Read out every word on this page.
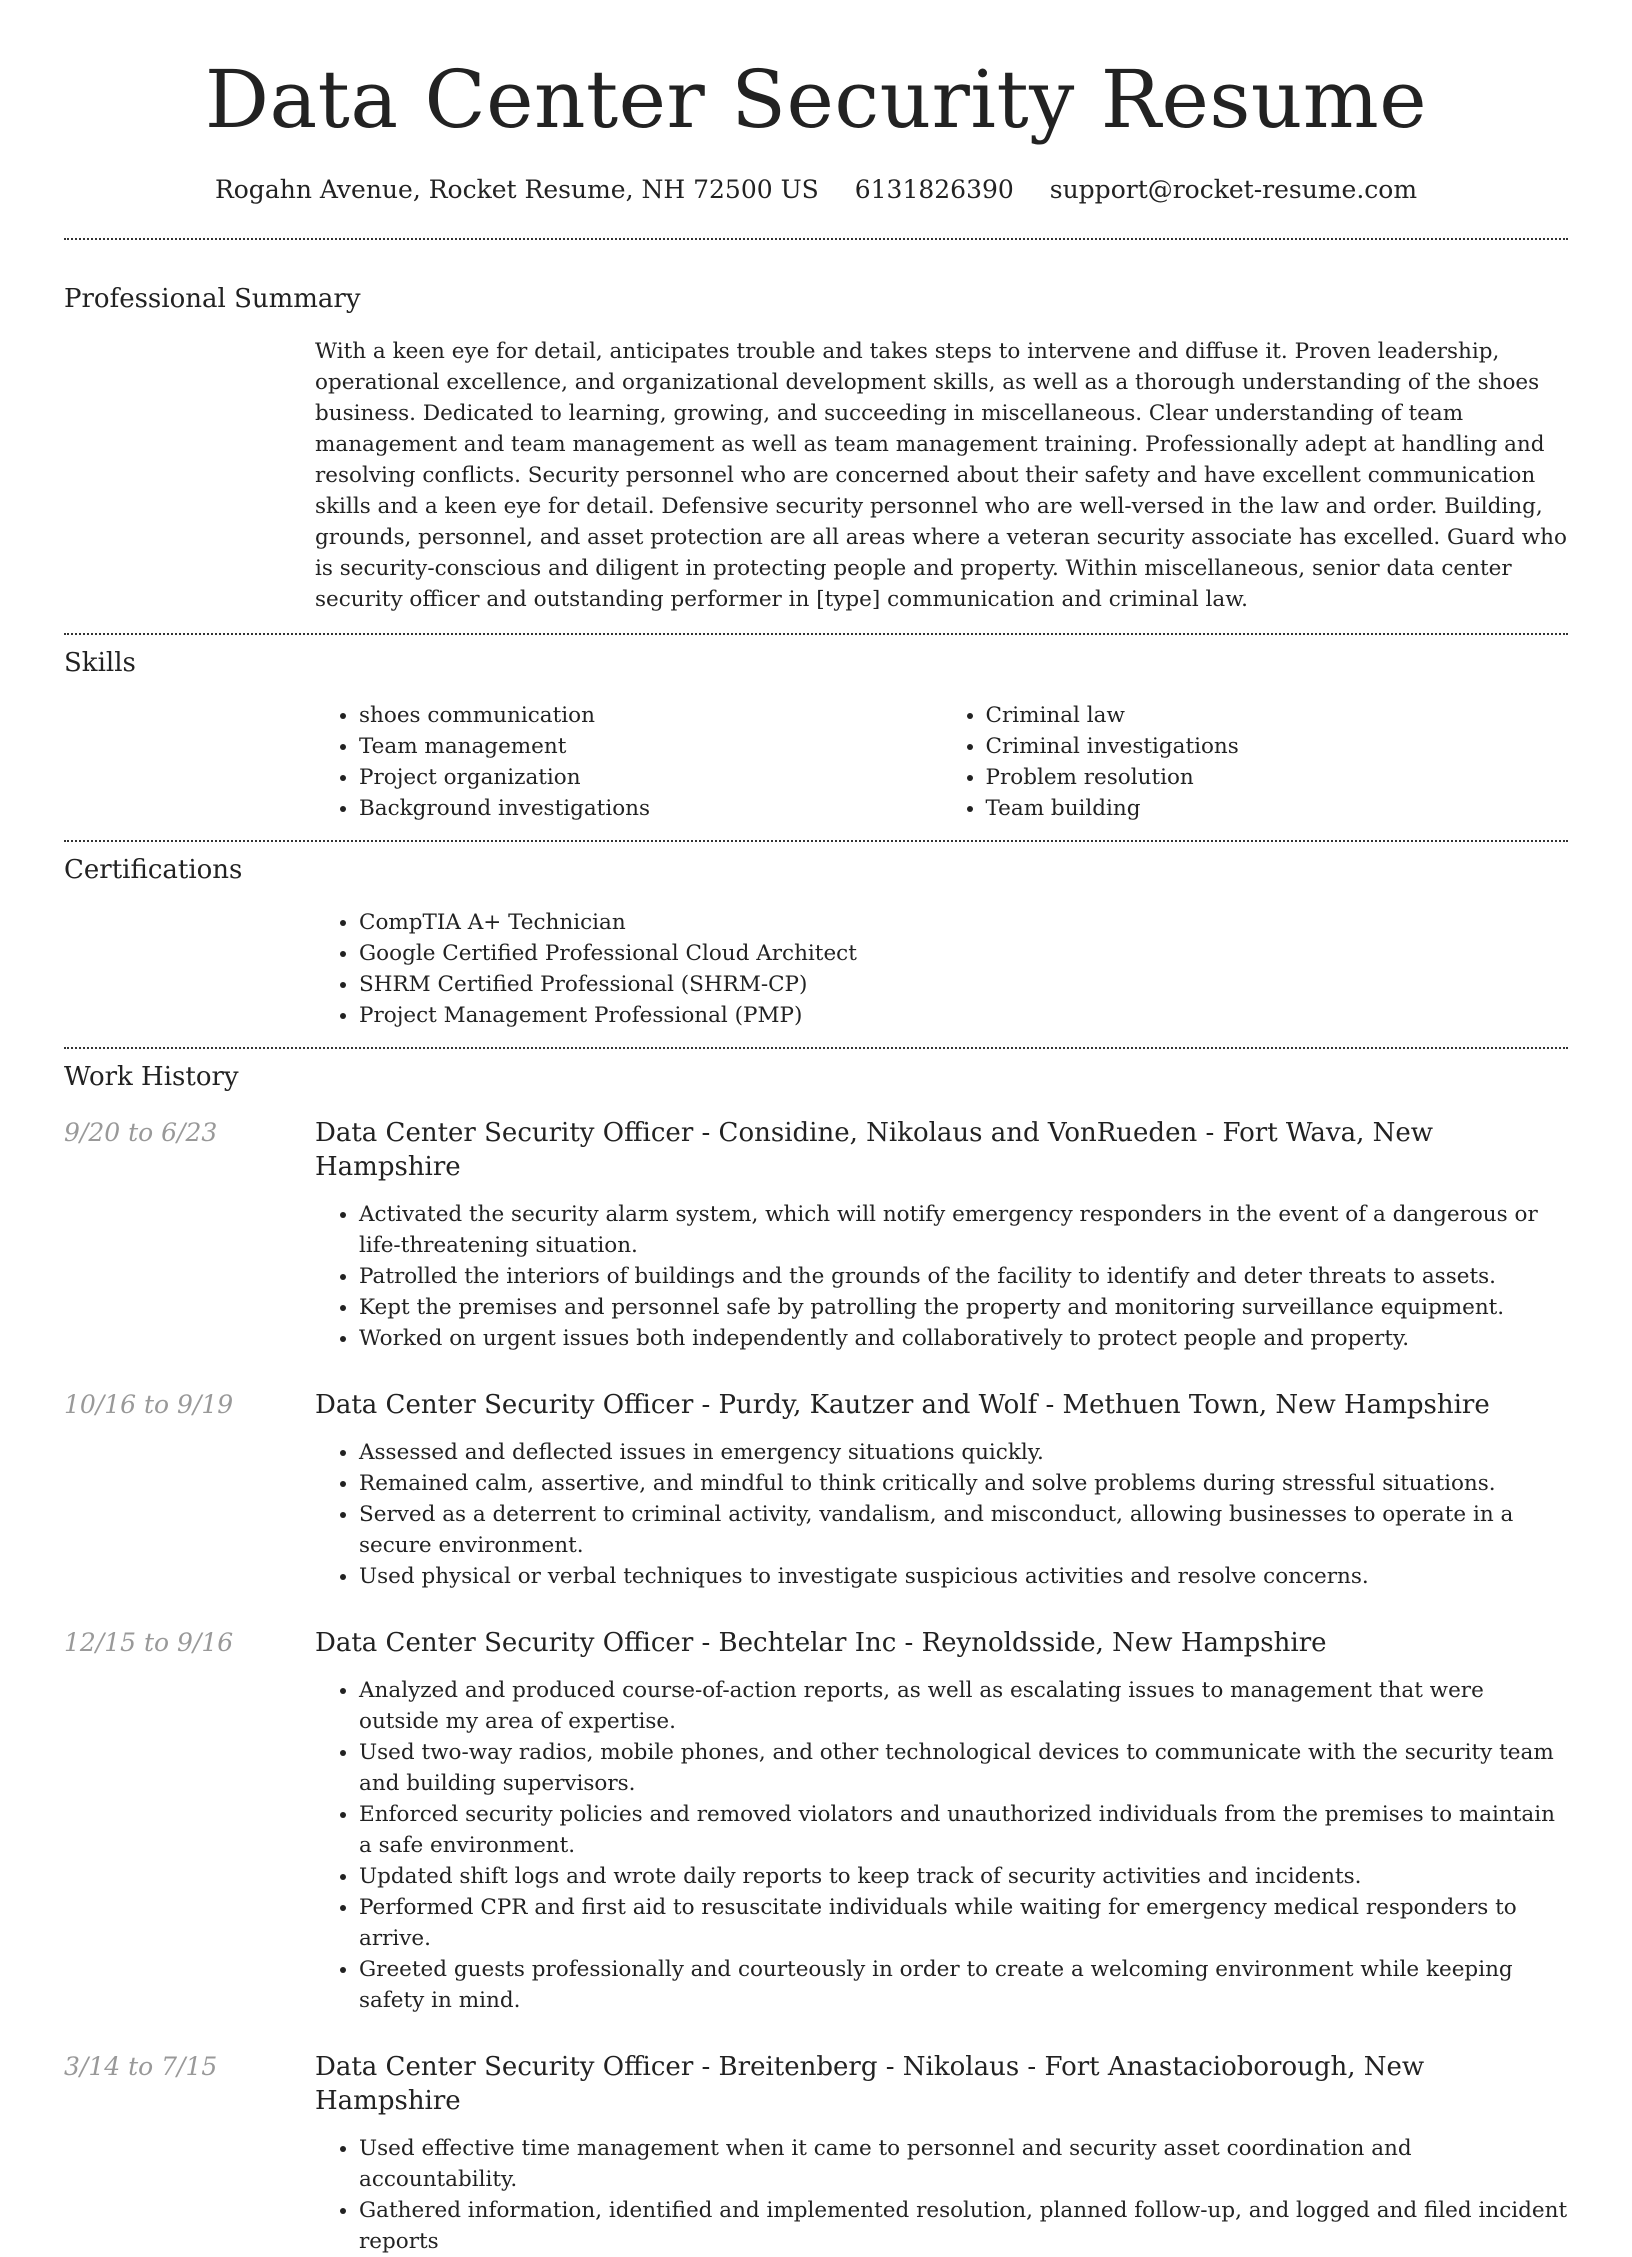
Data Center Security Resume
Rogahn Avenue, Rocket Resume, NH 72500 US 6131826390 support@rocket-resume.com
Professional Summary
With a keen eye for detail, anticipates trouble and takes steps to intervene and diffuse it. Proven leadership, operational excellence, and organizational development skills, as well as a thorough understanding of the shoes business. Dedicated to learning, growing, and succeeding in miscellaneous. Clear understanding of team management and team management as well as team management training. Professionally adept at handling and resolving conflicts. Security personnel who are concerned about their safety and have excellent communication skills and a keen eye for detail. Defensive security personnel who are well-versed in the law and order. Building, grounds, personnel, and asset protection are all areas where a veteran security associate has excelled. Guard who is security-conscious and diligent in protecting people and property. Within miscellaneous, senior data center security officer and outstanding performer in [type] communication and criminal law.
Skills
• shoes communication
• Team management
• Project organization
• Background investigations
• Criminal law
• Criminal investigations
• Problem resolution
• Team building
Certifications
• CompTIA A+ Technician
• Google Certified Professional Cloud Architect
• SHRM Certified Professional (SHRM-CP)
• Project Management Professional (PMP)
Work History
9/20 to 6/23	Data Center Security Officer - Considine, Nikolaus and VonRueden - Fort Wava, New Hampshire
• Activated the security alarm system, which will notify emergency responders in the event of a dangerous or life-threatening situation.
• Patrolled the interiors of buildings and the grounds of the facility to identify and deter threats to assets.
• Kept the premises and personnel safe by patrolling the property and monitoring surveillance equipment.
• Worked on urgent issues both independently and collaboratively to protect people and property.
10/16 to 9/19	Data Center Security Officer - Purdy, Kautzer and Wolf - Methuen Town, New Hampshire
• Assessed and deflected issues in emergency situations quickly.
• Remained calm, assertive, and mindful to think critically and solve problems during stressful situations.
• Served as a deterrent to criminal activity, vandalism, and misconduct, allowing businesses to operate in a secure environment.
• Used physical or verbal techniques to investigate suspicious activities and resolve concerns.
12/15 to 9/16	Data Center Security Officer - Bechtelar Inc - Reynoldsside, New Hampshire
• Analyzed and produced course-of-action reports, as well as escalating issues to management that were outside my area of expertise.
• Used two-way radios, mobile phones, and other technological devices to communicate with the security team and building supervisors.
• Enforced security policies and removed violators and unauthorized individuals from the premises to maintain a safe environment.
• Updated shift logs and wrote daily reports to keep track of security activities and incidents.
• Performed CPR and first aid to resuscitate individuals while waiting for emergency medical responders to arrive.
• Greeted guests professionally and courteously in order to create a welcoming environment while keeping safety in mind.
3/14 to 7/15	Data Center Security Officer - Breitenberg - Nikolaus - Fort Anastacioborough, New Hampshire
• Used effective time management when it came to personnel and security asset coordination and accountability.
• Gathered information, identified and implemented resolution, planned follow-up, and logged and filed incident reports
